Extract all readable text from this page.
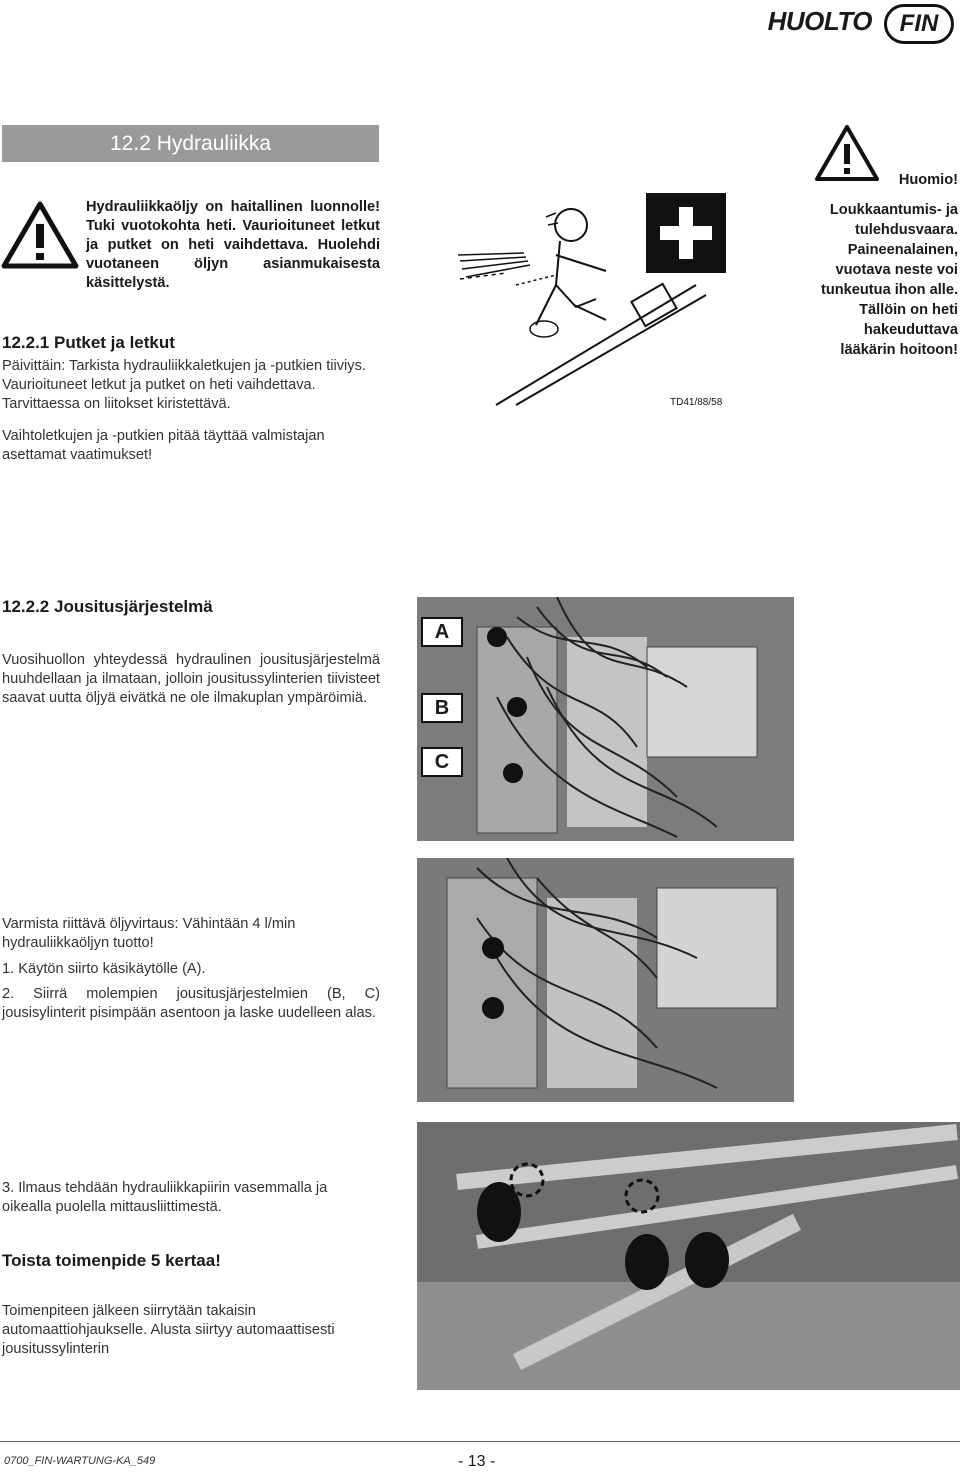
HUOLTO	FIN
12.2 Hydrauliikka
Hydrauliikkaöljy on haitallinen luonnolle! Tuki vuotokohta heti. Vaurioituneet letkut ja putket on heti vaihdettava. Huolehdi vuotaneen öljyn asianmukaisesta käsittelystä.
12.2.1 Putket ja letkut
Päivittäin: Tarkista hydrauliikkaletkujen ja -putkien tiiviys. Vaurioituneet letkut ja putket on heti vaihdettava. Tarvittaessa on liitokset kiristettävä.
Vaihtoletkujen ja -putkien pitää täyttää valmistajan asettamat vaatimukset!
TD41/88/58
Huomio!
Loukkaantumis- ja tulehdusvaara. Paineenalainen, vuotava neste voi tunkeutua ihon alle. Tällöin on heti hakeuduttava lääkärin hoitoon!
12.2.2 Jousitusjärjestelmä
Vuosihuollon yhteydessä hydraulinen jousitusjärjestelmä huuhdellaan ja ilmataan, jolloin jousitussylinterien tiivisteet saavat uutta öljyä eivätkä ne ole ilmakuplan ympäröimiä.
A
B
C
Varmista riittävä öljyvirtaus: Vähintään 4 l/min hydrauliikkaöljyn tuotto!
1. Käytön siirto käsikäytölle (A).
2. Siirrä molempien jousitusjärjestelmien (B, C) jousisylinterit pisimpään asentoon ja laske uudelleen alas.
3. Ilmaus tehdään hydrauliikkapiirin vasemmalla ja oikealla puolella mittausliittimestä.
Toista toimenpide 5 kertaa!
Toimenpiteen jälkeen siirrytään takaisin automaattiohjaukselle. Alusta siirtyy automaattisesti jousitussylinterin
0700_FIN-WARTUNG-KA_549	- 13 -
